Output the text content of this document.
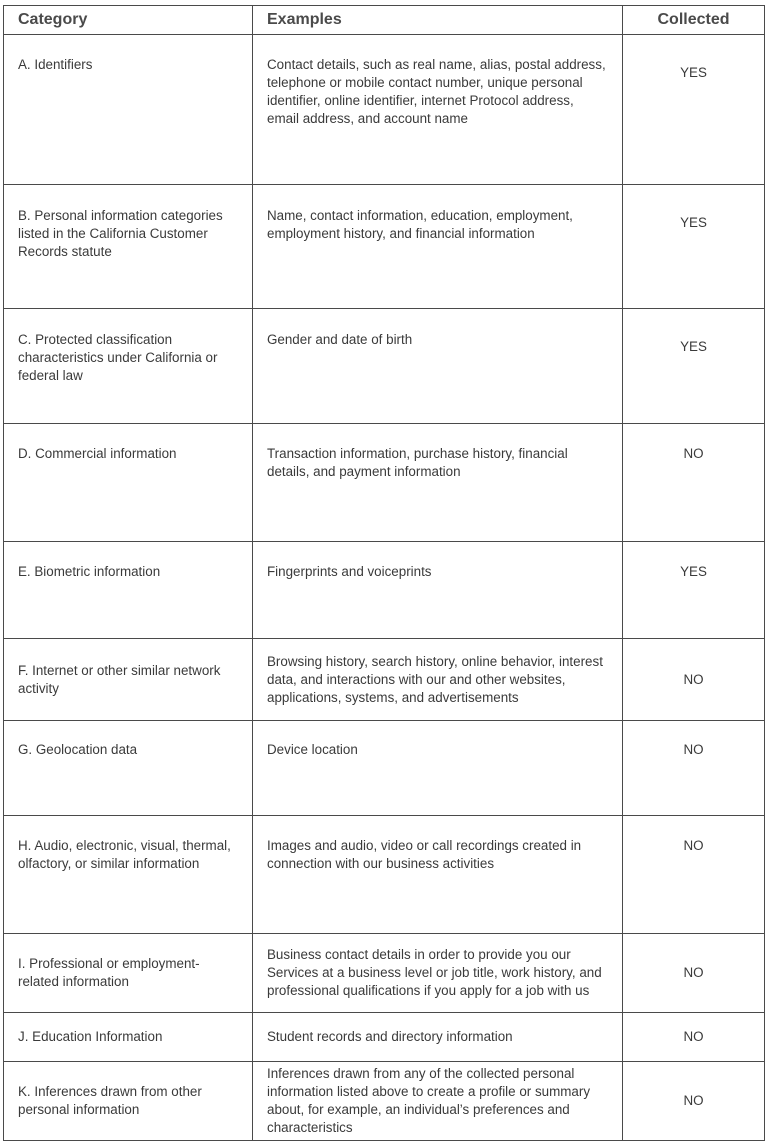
Category	Examples	Collected
A. Identifiers	Contact details, such as real name, alias, postal address, telephone or mobile contact number, unique personal identifier, online identifier, internet Protocol address, email address, and account name	YES
B. Personal information categories listed in the California Customer Records statute	Name, contact information, education, employment, employment history, and financial information	YES
C. Protected classification characteristics under California or federal law	Gender and date of birth	YES
D. Commercial information	Transaction information, purchase history, financial details, and payment information	NO
E. Biometric information	Fingerprints and voiceprints	YES
F. Internet or other similar network activity	Browsing history, search history, online behavior, interest data, and interactions with our and other websites, applications, systems, and advertisements	NO
G. Geolocation data	Device location	NO
H. Audio, electronic, visual, thermal, olfactory, or similar information	Images and audio, video or call recordings created in connection with our business activities	NO
I. Professional or employment-related information	Business contact details in order to provide you our Services at a business level or job title, work history, and professional qualifications if you apply for a job with us	NO
J. Education Information	Student records and directory information	NO
K. Inferences drawn from other personal information	Inferences drawn from any of the collected personal information listed above to create a profile or summary about, for example, an individual’s preferences and characteristics	NO
